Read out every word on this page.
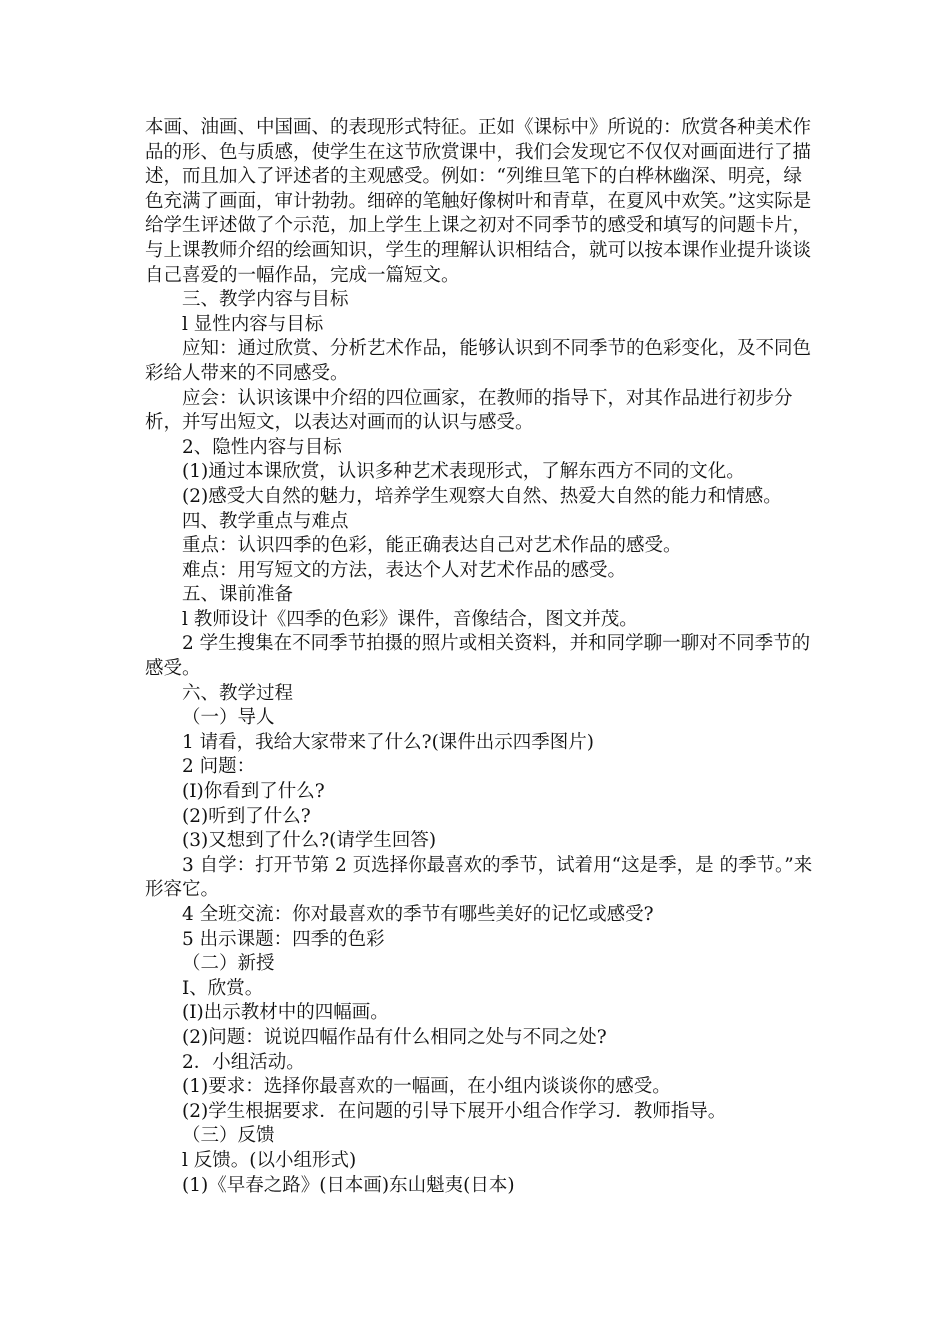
本画、油画、中国画、的表现形式特征。正如《课标中》所说的：欣赏各种美术作品的形、色与质感，使学生在这节欣赏课中，我们会发现它不仅仅对画面进行了描述，而且加入了评述者的主观感受。例如：“列维旦笔下的白桦林幽深、明亮，绿色充满了画面，审计勃勃。细碎的笔触好像树叶和青草，在夏风中欢笑。”这实际是给学生评述做了个示范，加上学生上课之初对不同季节的感受和填写的问题卡片，与上课教师介绍的绘画知识，学生的理解认识相结合，就可以按本课作业提升谈谈自己喜爱的一幅作品，完成一篇短文。

三、教学内容与目标

l 显性内容与目标

应知：通过欣赏、分析艺术作品，能够认识到不同季节的色彩变化，及不同色彩给人带来的不同感受。

应会：认识该课中介绍的四位画家，在教师的指导下，对其作品进行初步分析，并写出短文，以表达对画而的认识与感受。

2、隐性内容与目标

(1)通过本课欣赏，认识多种艺术表现形式，了解东西方不同的文化。

(2)感受大自然的魅力，培养学生观察大自然、热爱大自然的能力和情感。

四、教学重点与难点

重点：认识四季的色彩，能正确表达自己对艺术作品的感受。

难点：用写短文的方法，表达个人对艺术作品的感受。

五、课前准备

l 教师设计《四季的色彩》课件，音像结合，图文并茂。

2 学生搜集在不同季节拍摄的照片或相关资料，并和同学聊一聊对不同季节的感受。

六、教学过程

（一）导人

1 请看，我给大家带来了什么?(课件出示四季图片)

2 问题：

(I)你看到了什么?

(2)听到了什么?

(3)又想到了什么?(请学生回答)

3 自学：打开节第 2 页选择你最喜欢的季节，试着用“这是季，是 的季节。”来形容它。

4 全班交流：你对最喜欢的季节有哪些美好的记忆或感受?

5 出示课题：四季的色彩

（二）新授

I、欣赏。

(I)出示教材中的四幅画。

(2)问题：说说四幅作品有什么相同之处与不同之处?

2．小组活动。

(1)要求：选择你最喜欢的一幅画，在小组内谈谈你的感受。

(2)学生根据要求．在问题的引导下展开小组合作学习．教师指导。

（三）反馈

l 反馈。(以小组形式)

(1)《早春之路》(日本画)东山魁夷(日本)
